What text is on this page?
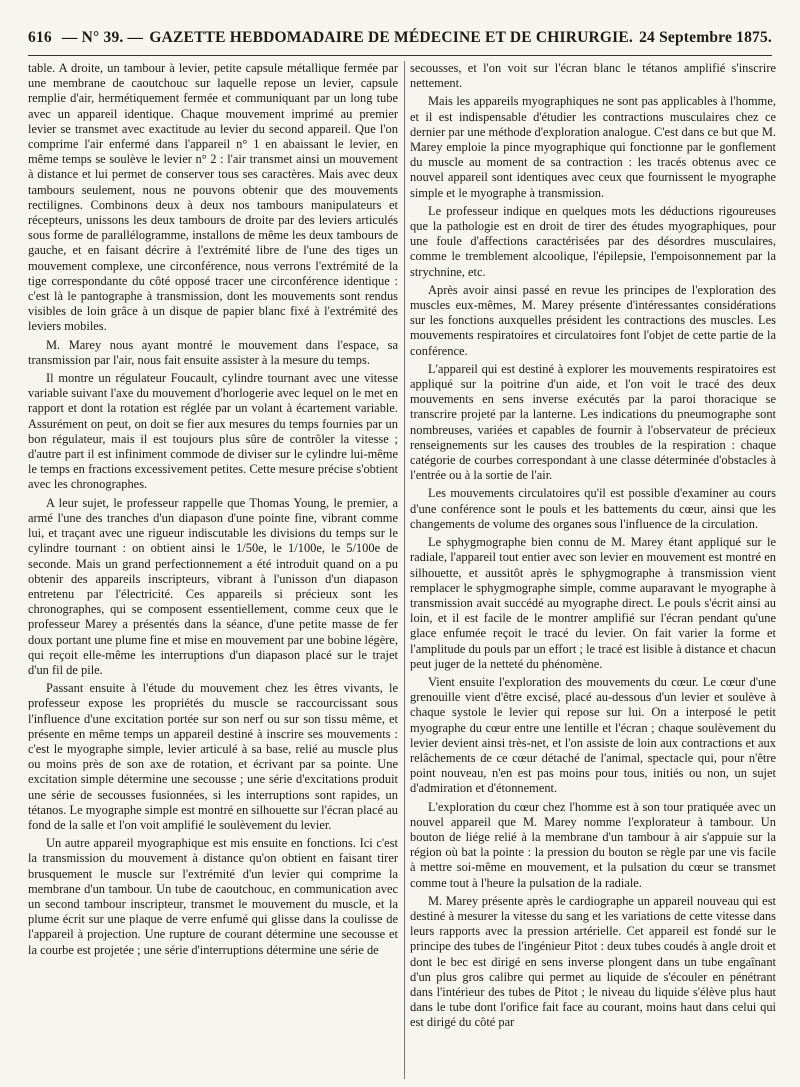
616 — N° 39. — GAZETTE HEBDOMADAIRE DE MÉDECINE ET DE CHIRURGIE. 24 Septembre 1875.

table. A droite, un tambour à levier, petite capsule métallique fermée par une membrane de caoutchouc sur laquelle repose un levier, capsule remplie d'air, hermétiquement fermée et communiquant par un long tube avec un appareil identique. Chaque mouvement imprimé au premier levier se transmet avec exactitude au levier du second appareil. Que l'on comprime l'air enfermé dans l'appareil n° 1 en abaissant le levier, en même temps se soulève le levier n° 2 : l'air transmet ainsi un mouvement à distance et lui permet de conserver tous ses caractères. Mais avec deux tambours seulement, nous ne pouvons obtenir que des mouvements rectilignes. Combinons deux à deux nos tambours manipulateurs et récepteurs, unissons les deux tambours de droite par des leviers articulés sous forme de parallélogramme, installons de même les deux tambours de gauche, et en faisant décrire à l'extrémité libre de l'une des tiges un mouvement complexe, une circonférence, nous verrons l'extrémité de la tige correspondante du côté opposé tracer une circonférence identique : c'est là le pantographe à transmission, dont les mouvements sont rendus visibles de loin grâce à un disque de papier blanc fixé à l'extrémité des leviers mobiles.

M. Marey nous ayant montré le mouvement dans l'espace, sa transmission par l'air, nous fait ensuite assister à la mesure du temps.

Il montre un régulateur Foucault, cylindre tournant avec une vitesse variable suivant l'axe du mouvement d'horlogerie avec lequel on le met en rapport et dont la rotation est réglée par un volant à écartement variable. Assurément on peut, on doit se fier aux mesures du temps fournies par un bon régulateur, mais il est toujours plus sûre de contrôler la vitesse ; d'autre part il est infiniment commode de diviser sur le cylindre lui-même le temps en fractions excessivement petites. Cette mesure précise s'obtient avec les chronographes.

A leur sujet, le professeur rappelle que Thomas Young, le premier, a armé l'une des tranches d'un diapason d'une pointe fine, vibrant comme lui, et traçant avec une rigueur indiscutable les divisions du temps sur le cylindre tournant : on obtient ainsi le 1/50e, le 1/100e, le 5/100e de seconde. Mais un grand perfectionnement a été introduit quand on a pu obtenir des appareils inscripteurs, vibrant à l'unisson d'un diapason entretenu par l'électricité. Ces appareils si précieux sont les chronographes, qui se composent essentiellement, comme ceux que le professeur Marey a présentés dans la séance, d'une petite masse de fer doux portant une plume fine et mise en mouvement par une bobine légère, qui reçoit elle-même les interruptions d'un diapason placé sur le trajet d'un fil de pile.

Passant ensuite à l'étude du mouvement chez les êtres vivants, le professeur expose les propriétés du muscle se raccourcissant sous l'influence d'une excitation portée sur son nerf ou sur son tissu même, et présente en même temps un appareil destiné à inscrire ses mouvements : c'est le myographe simple, levier articulé à sa base, relié au muscle plus ou moins près de son axe de rotation, et écrivant par sa pointe. Une excitation simple détermine une secousse ; une série d'excitations produit une série de secousses fusionnées, si les interruptions sont rapides, un tétanos. Le myographe simple est montré en silhouette sur l'écran placé au fond de la salle et l'on voit amplifié le soulèvement du levier.

Un autre appareil myographique est mis ensuite en fonctions. Ici c'est la transmission du mouvement à distance qu'on obtient en faisant tirer brusquement le muscle sur l'extrémité d'un levier qui comprime la membrane d'un tambour. Un tube de caoutchouc, en communication avec un second tambour inscripteur, transmet le mouvement du muscle, et la plume écrit sur une plaque de verre enfumé qui glisse dans la coulisse de l'appareil à projection. Une rupture de courant détermine une secousse et la courbe est projetée ; une série d'interruptions détermine une série de

secousses, et l'on voit sur l'écran blanc le tétanos amplifié s'inscrire nettement.

Mais les appareils myographiques ne sont pas applicables à l'homme, et il est indispensable d'étudier les contractions musculaires chez ce dernier par une méthode d'exploration analogue. C'est dans ce but que M. Marey emploie la pince myographique qui fonctionne par le gonflement du muscle au moment de sa contraction : les tracés obtenus avec ce nouvel appareil sont identiques avec ceux que fournissent le myographe simple et le myographe à transmission.

Le professeur indique en quelques mots les déductions rigoureuses que la pathologie est en droit de tirer des études myographiques, pour une foule d'affections caractérisées par des désordres musculaires, comme le tremblement alcoolique, l'épilepsie, l'empoisonnement par la strychnine, etc.

Après avoir ainsi passé en revue les principes de l'exploration des muscles eux-mêmes, M. Marey présente d'intéressantes considérations sur les fonctions auxquelles président les contractions des muscles. Les mouvements respiratoires et circulatoires font l'objet de cette partie de la conférence.

L'appareil qui est destiné à explorer les mouvements respiratoires est appliqué sur la poitrine d'un aide, et l'on voit le tracé des deux mouvements en sens inverse exécutés par la paroi thoracique se transcrire projeté par la lanterne. Les indications du pneumographe sont nombreuses, variées et capables de fournir à l'observateur de précieux renseignements sur les causes des troubles de la respiration : chaque catégorie de courbes correspondant à une classe déterminée d'obstacles à l'entrée ou à la sortie de l'air.

Les mouvements circulatoires qu'il est possible d'examiner au cours d'une conférence sont le pouls et les battements du cœur, ainsi que les changements de volume des organes sous l'influence de la circulation.

Le sphygmographe bien connu de M. Marey étant appliqué sur le radiale, l'appareil tout entier avec son levier en mouvement est montré en silhouette, et aussitôt après le sphygmographe à transmission vient remplacer le sphygmographe simple, comme auparavant le myographe à transmission avait succédé au myographe direct. Le pouls s'écrit ainsi au loin, et il est facile de le montrer amplifié sur l'écran pendant qu'une glace enfumée reçoit le tracé du levier. On fait varier la forme et l'amplitude du pouls par un effort ; le tracé est lisible à distance et chacun peut juger de la netteté du phénomène.

Vient ensuite l'exploration des mouvements du cœur. Le cœur d'une grenouille vient d'être excisé, placé au-dessous d'un levier et soulève à chaque systole le levier qui repose sur lui. On a interposé le petit myographe du cœur entre une lentille et l'écran ; chaque soulèvement du levier devient ainsi très-net, et l'on assiste de loin aux contractions et aux relâchements de ce cœur détaché de l'animal, spectacle qui, pour n'être point nouveau, n'en est pas moins pour tous, initiés ou non, un sujet d'admiration et d'étonnement.

L'exploration du cœur chez l'homme est à son tour pratiquée avec un nouvel appareil que M. Marey nomme l'explorateur à tambour. Un bouton de liége relié à la membrane d'un tambour à air s'appuie sur la région où bat la pointe : la pression du bouton se règle par une vis facile à mettre soi-même en mouvement, et la pulsation du cœur se transmet comme tout à l'heure la pulsation de la radiale.

M. Marey présente après le cardiographe un appareil nouveau qui est destiné à mesurer la vitesse du sang et les variations de cette vitesse dans leurs rapports avec la pression artérielle. Cet appareil est fondé sur le principe des tubes de l'ingénieur Pitot : deux tubes coudés à angle droit et dont le bec est dirigé en sens inverse plongent dans un tube engaînant d'un plus gros calibre qui permet au liquide de s'écouler en pénétrant dans l'intérieur des tubes de Pitot ; le niveau du liquide s'élève plus haut dans le tube dont l'orifice fait face au courant, moins haut dans celui qui est dirigé du côté par
